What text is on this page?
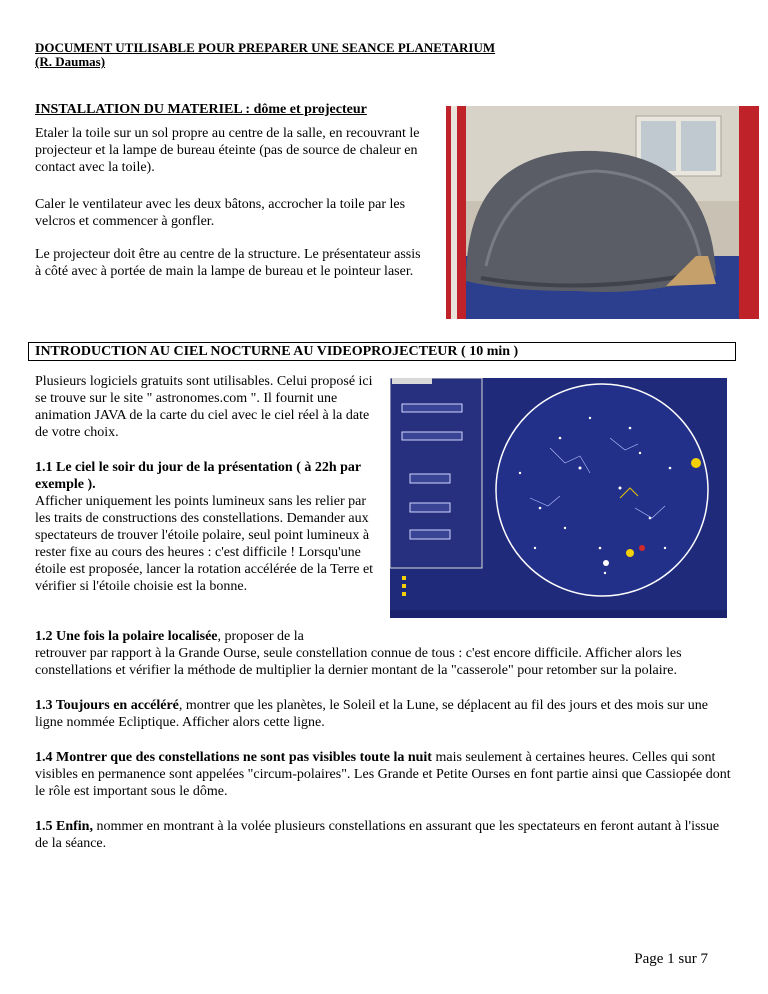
DOCUMENT UTILISABLE POUR PREPARER UNE SEANCE PLANETARIUM
(R. Daumas)
INSTALLATION DU MATERIEL : dôme et projecteur
Etaler la toile sur un sol propre au centre de la salle, en recouvrant le projecteur et la lampe de bureau éteinte (pas de source de chaleur en contact avec la toile).
Caler le ventilateur avec les deux bâtons, accrocher la toile par les velcros et commencer à gonfler.
Le projecteur doit être au centre de la structure. Le présentateur assis à côté avec à portée de main la lampe de bureau et le pointeur laser.
INTRODUCTION AU CIEL NOCTURNE AU VIDEOPROJECTEUR ( 10 min )
Plusieurs logiciels gratuits sont utilisables. Celui proposé ici se trouve sur le site " astronomes.com ". Il fournit une animation JAVA de la carte du ciel avec le ciel réel à la date de votre choix.
1.1 Le ciel le soir du jour de la présentation ( à 22h par exemple ).
Afficher uniquement les points lumineux sans les relier par les traits de constructions des constellations. Demander aux spectateurs de trouver l'étoile polaire, seul point lumineux à rester fixe au cours des heures : c'est difficile ! Lorsqu'une étoile est proposée, lancer la rotation accélérée de la Terre et vérifier si l'étoile choisie est la bonne.
1.2 Une fois la polaire localisée, proposer de la
retrouver par rapport à la Grande Ourse, seule constellation connue de tous : c'est encore difficile. Afficher alors les constellations et vérifier la méthode de multiplier la dernier montant de la "casserole" pour retomber sur la polaire.
1.3 Toujours en accéléré, montrer que les planètes, le Soleil et la Lune, se déplacent au fil des jours et des mois sur une ligne nommée Ecliptique. Afficher alors cette ligne.
1.4 Montrer que des constellations ne sont pas visibles toute la nuit mais seulement à certaines heures. Celles qui sont visibles en permanence sont appelées "circum-polaires". Les Grande et Petite Ourses en font partie ainsi que Cassiopée dont le rôle est important sous le dôme.
1.5 Enfin, nommer en montrant à la volée plusieurs constellations en assurant que les spectateurs en feront autant à l'issue de la séance.
Page 1 sur 7
